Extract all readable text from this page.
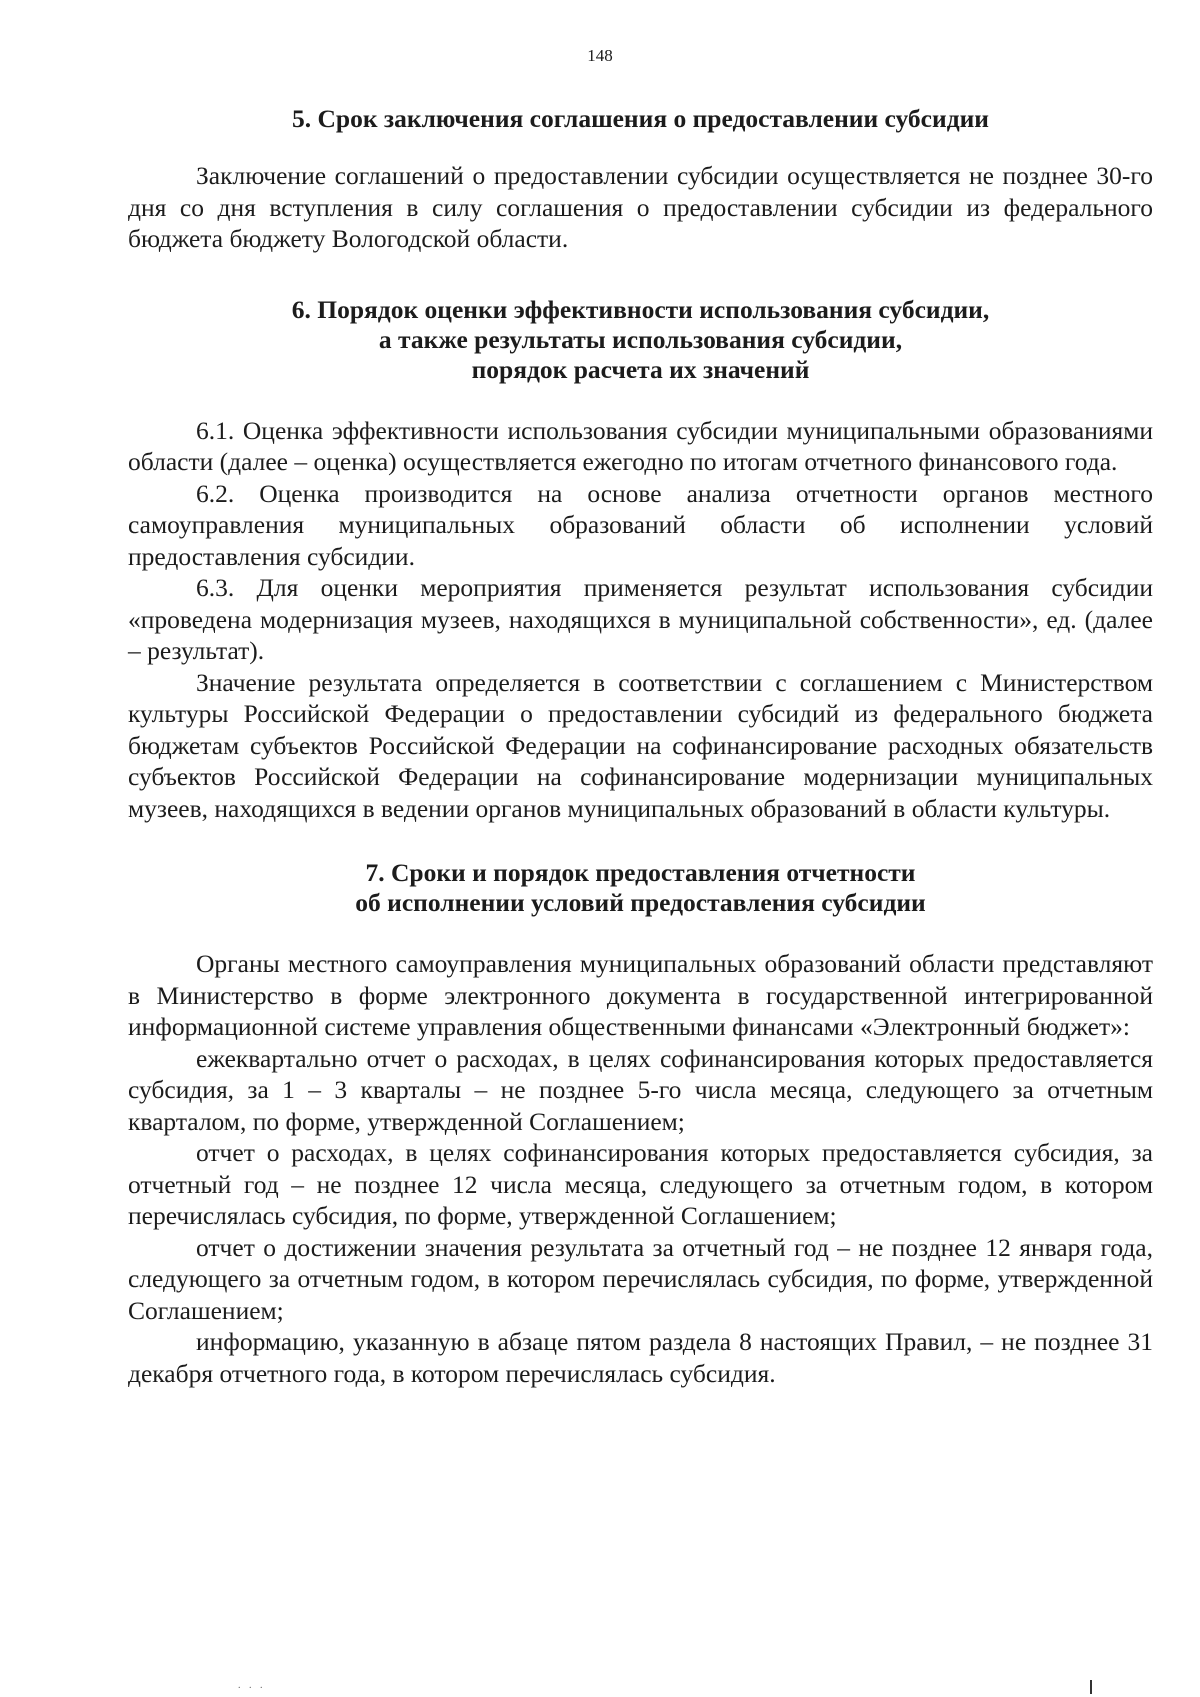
148
5. Срок заключения соглашения о предоставлении субсидии

Заключение соглашений о предоставлении субсидии осуществляется не позднее 30-го дня со дня вступления в силу соглашения о предоставлении субсидии из федерального бюджета бюджету Вологодской области.

6. Порядок оценки эффективности использования субсидии,
а также результаты использования субсидии,
порядок расчета их значений

6.1. Оценка эффективности использования субсидии муниципальными образованиями области (далее – оценка) осуществляется ежегодно по итогам отчетного финансового года.

6.2. Оценка производится на основе анализа отчетности органов местного самоуправления муниципальных образований области об исполнении условий предоставления субсидии.

6.3. Для оценки мероприятия применяется результат использования субсидии «проведена модернизация музеев, находящихся в муниципальной собственности», ед. (далее – результат).

Значение результата определяется в соответствии с соглашением с Министерством культуры Российской Федерации о предоставлении субсидий из федерального бюджета бюджетам субъектов Российской Федерации на софинансирование расходных обязательств субъектов Российской Федерации на софинансирование модернизации муниципальных музеев, находящихся в ведении органов муниципальных образований в области культуры.

7. Сроки и порядок предоставления отчетности
об исполнении условий предоставления субсидии

Органы местного самоуправления муниципальных образований области представляют в Министерство в форме электронного документа в государственной интегрированной информационной системе управления общественными финансами «Электронный бюджет»:

ежеквартально отчет о расходах, в целях софинансирования которых предоставляется субсидия, за 1 – 3 кварталы – не позднее 5-го числа месяца, следующего за отчетным кварталом, по форме, утвержденной Соглашением;

отчет о расходах, в целях софинансирования которых предоставляется субсидия, за отчетный год – не позднее 12 числа месяца, следующего за отчетным годом, в котором перечислялась субсидия, по форме, утвержденной Соглашением;

отчет о достижении значения результата за отчетный год – не позднее 12 января года, следующего за отчетным годом, в котором перечислялась субсидия, по форме, утвержденной Соглашением;

информацию, указанную в абзаце пятом раздела 8 настоящих Правил, – не позднее 31 декабря отчетного года, в котором перечислялась субсидия.

. . .
